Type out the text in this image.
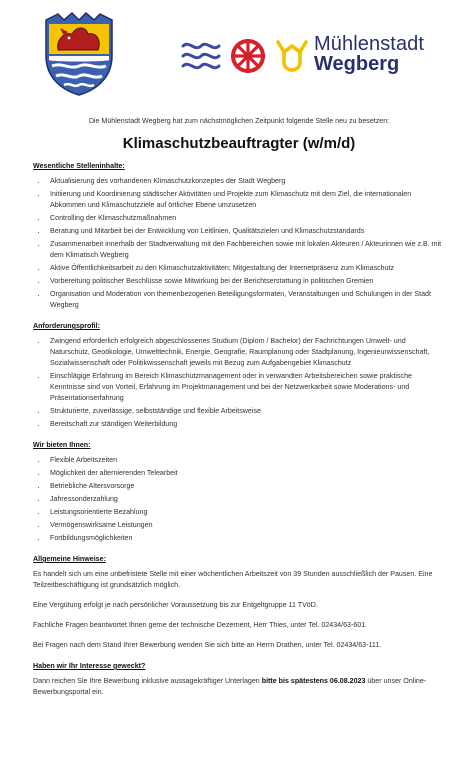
Mühlenstadt
Wegberg

Die Mühlenstadt Wegberg hat zum nächstmöglichen Zeitpunkt folgende Stelle neu zu besetzen:

Klimaschutzbeauftragter (w/m/d)
Wesentliche Stelleninhalte:
• Aktualisierung des vorhandenen Klimaschutzkonzeptes der Stadt Wegberg
• Initiierung und Koordinierung städtischer Aktivitäten und Projekte zum Klimaschutz mit dem Ziel, die internationalen Abkommen und Klimaschutzziele auf örtlicher Ebene umzusetzen
• Controlling der Klimaschutzmaßnahmen
• Beratung und Mitarbeit bei der Entwicklung von Leitlinien, Qualitätszielen und Klimaschutzstandards
• Zusammenarbeit innerhalb der Stadtverwaltung mit den Fachbereichen sowie mit lokalen Akteuren / Akteurinnen wie z.B. mit dem Klimatisch Wegberg
• Aktive Öffentlichkeitsarbeit zu den Klimaschutzaktivitäten; Mitgestaltung der Internetpräsenz zum Klimaschutz
• Vorbereitung politischer Beschlüsse sowie Mitwirkung bei der Berichtserstattung in politischen Gremien
• Organisation und Moderation von themenbezogenen Beteiligungsformaten, Veranstaltungen und Schulungen in der Stadt Wegberg
Anforderungsprofil:
• Zwingend erforderlich erfolgreich abgeschlossenes Studium (Diplom / Bachelor) der Fachrichtungen Umwelt- und Naturschutz, Geoökologie, Umwelttechnik, Energie, Geografie, Raumplanung oder Stadtplanung, Ingenieurwissenschaft, Sozialwissenschaft oder Politikwissenschaft jeweils mit Bezug zum Aufgabengebiet Klimaschutz
• Einschlägige Erfahrung im Bereich Klimaschutzmanagement oder in verwandten Arbeitsbereichen sowie praktische Kenntnisse sind von Vorteil, Erfahrung im Projektmanagement und bei der Netzwerkarbeit sowie Moderations- und Präsentationserfahrung
• Strukturierte, zuverlässige, selbstständige und flexible Arbeitsweise
• Bereitschaft zur ständigen Weiterbildung
Wir bieten Ihnen:
• Flexible Arbeitszeiten
• Möglichkeit der alternierenden Telearbeit
• Betriebliche Altersvorsorge
• Jahressonderzahlung
• Leistungsorientierte Bezahlung
• Vermögenswirksame Leistungen
• Fortbildungsmöglichkeiten
Allgemeine Hinweise:

Es handelt sich um eine unbefristete Stelle mit einer wöchentlichen Arbeitszeit von 39 Stunden ausschließlich der Pausen. Eine Teilzeitbeschäftigung ist grundsätzlich möglich.

Eine Vergütung erfolgt je nach persönlicher Voraussetzung bis zur Entgeltgruppe 11 TVöD.

Fachliche Fragen beantwortet Ihnen gerne der technische Dezernent, Herr Thies, unter Tel. 02434/63-601.

Bei Fragen nach dem Stand Ihrer Bewerbung wenden Sie sich bitte an Herrn Drathen, unter Tel. 02434/63-111.

Haben wir Ihr Interesse geweckt?

Dann reichen Sie Ihre Bewerbung inklusive aussagekräftiger Unterlagen bitte bis spätestens 06.08.2023 über unser Online-Bewerbungsportal ein.
